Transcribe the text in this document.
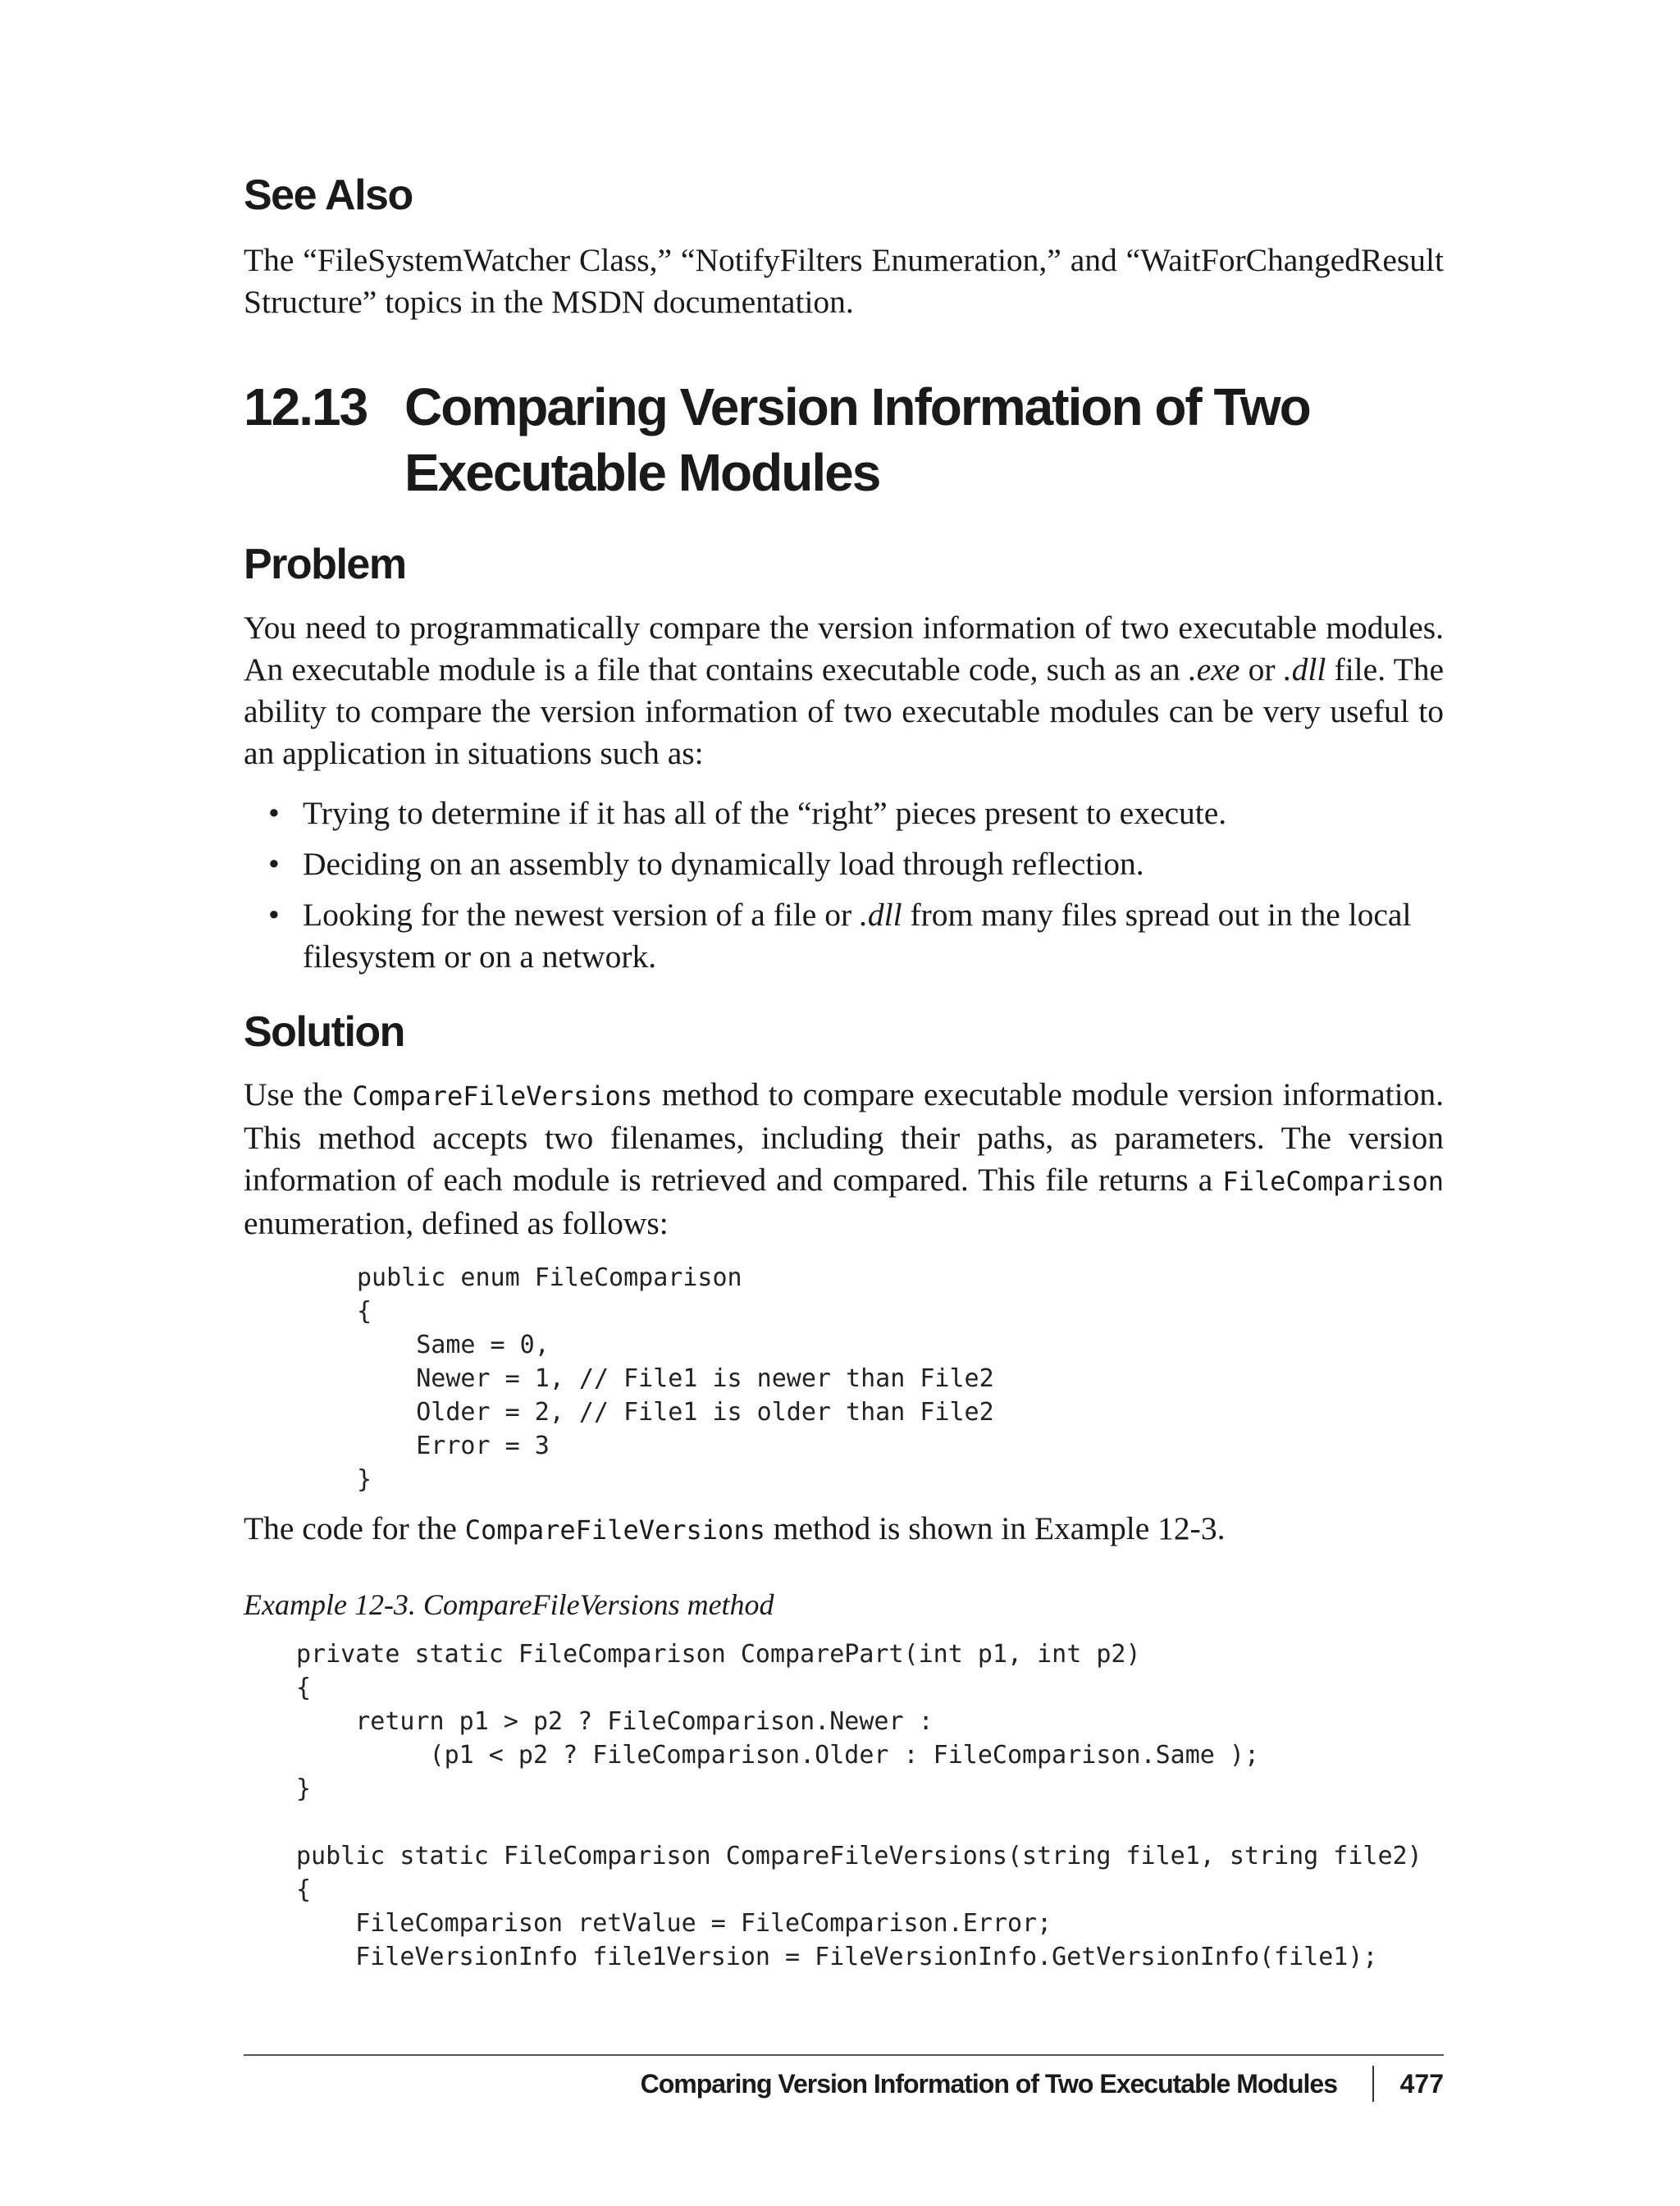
See Also

The “FileSystemWatcher Class,” “NotifyFilters Enumeration,” and “WaitForChangedResult Structure” topics in the MSDN documentation.

12.13 Comparing Version Information of Two
Executable Modules
Problem

You need to programmatically compare the version information of two executable modules. An executable module is a file that contains executable code, such as an .exe or .dll file. The ability to compare the version information of two executable modules can be very useful to an application in situations such as:

• Trying to determine if it has all of the “right” pieces present to execute.
• Deciding on an assembly to dynamically load through reflection.
• Looking for the newest version of a file or .dll from many files spread out in the local filesystem or on a network.
Solution

Use the CompareFileVersions method to compare executable module version information. This method accepts two filenames, including their paths, as parameters. The version information of each module is retrieved and compared. This file returns a FileComparison enumeration, defined as follows:

public enum FileComparison
{
Same = 0,
Newer = 1, // File1 is newer than File2
Older = 2, // File1 is older than File2
Error = 3
}

The code for the CompareFileVersions method is shown in Example 12-3.

Example 12-3. CompareFileVersions method

private static FileComparison ComparePart(int p1, int p2)
{
return p1 > p2 ? FileComparison.Newer :
(p1 < p2 ? FileComparison.Older : FileComparison.Same );
}

public static FileComparison CompareFileVersions(string file1, string file2)
{
FileComparison retValue = FileComparison.Error;
FileVersionInfo file1Version = FileVersionInfo.GetVersionInfo(file1);
Comparing Version Information of Two Executable Modules 477
